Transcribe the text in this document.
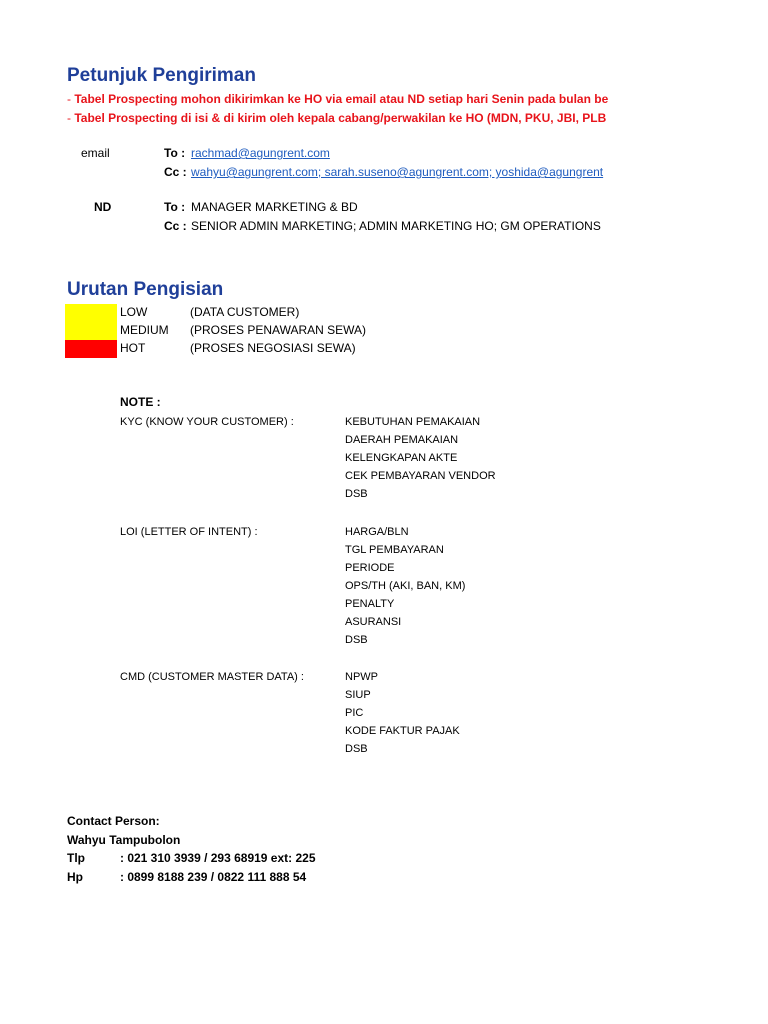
Petunjuk Pengiriman
- Tabel Prospecting mohon dikirimkan ke HO via email atau ND setiap hari Senin pada bulan be
- Tabel Prospecting di isi & di kirim oleh kepala cabang/perwakilan ke HO (MDN, PKU, JBI, PLB
email	To : rachmad@agungrent.com
Cc : wahyu@agungrent.com; sarah.suseno@agungrent.com; yoshida@agungrent
ND	To : MANAGER MARKETING & BD
Cc : SENIOR ADMIN MARKETING; ADMIN MARKETING HO; GM OPERATIONS
Urutan Pengisian
LOW	(DATA CUSTOMER)
MEDIUM (PROSES PENAWARAN SEWA)
HOT	(PROSES NEGOSIASI SEWA)
NOTE :
KYC (KNOW YOUR CUSTOMER) :	KEBUTUHAN PEMAKAIAN
DAERAH PEMAKAIAN
KELENGKAPAN AKTE
CEK PEMBAYARAN VENDOR
DSB
LOI (LETTER OF INTENT) :	HARGA/BLN
TGL PEMBAYARAN
PERIODE
OPS/TH (AKI, BAN, KM)
PENALTY
ASURANSI
DSB
CMD (CUSTOMER MASTER DATA) :	NPWP
SIUP
PIC
KODE FAKTUR PAJAK
DSB
Contact Person:
Wahyu Tampubolon
Tlp	: 021 310 3939 / 293 68919 ext: 225
Hp	: 0899 8188 239 / 0822 111 888 54
